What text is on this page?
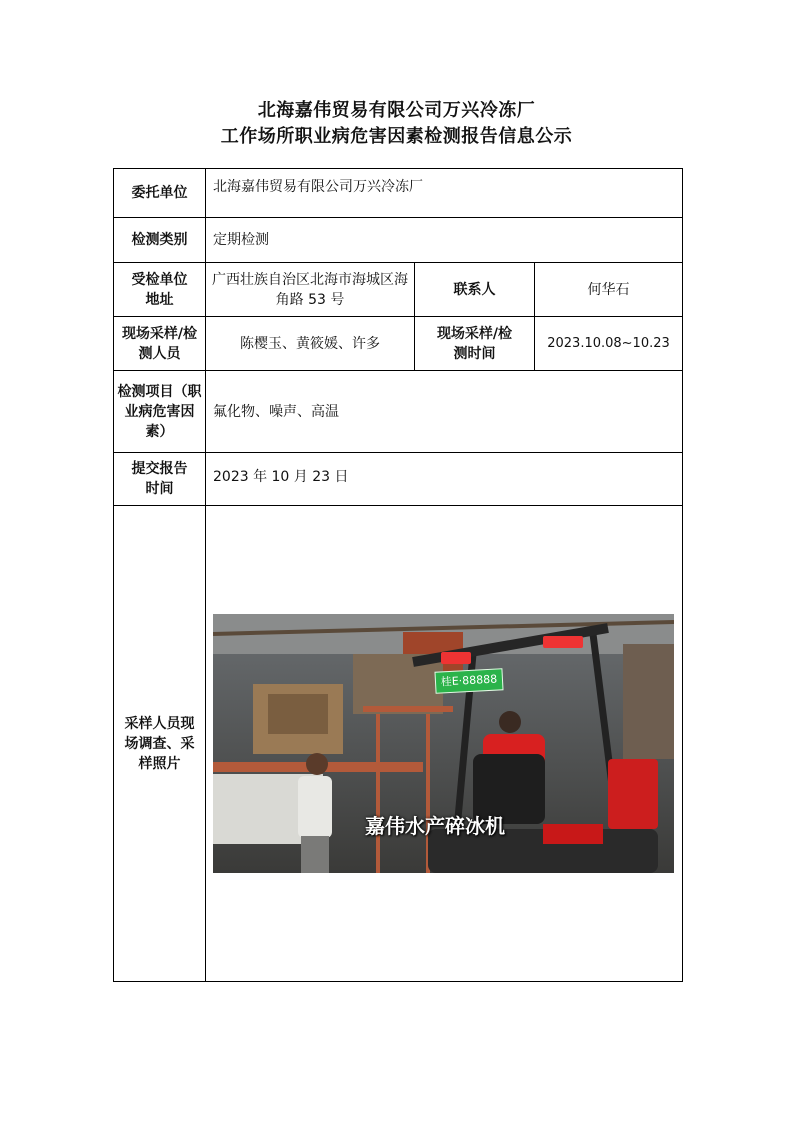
北海嘉伟贸易有限公司万兴冷冻厂
工作场所职业病危害因素检测报告信息公示
委托单位	北海嘉伟贸易有限公司万兴冷冻厂		
检测类别	定期检测		

受检单位地址	广西壮族自治区北海市海城区海角路 53 号	联系人	何华石

现场采样/检测人员	陈樱玉、黄筱媛、许多	现场采样/检测时间	2023.10.08~10.23

检测项目（职业病危害因素）	氟化物、噪声、高温		

提交报告时间	2023 年 10 月 23 日		

采样人员现场调查、采样照片	桂E·88888
嘉伟水产碎冰机		
